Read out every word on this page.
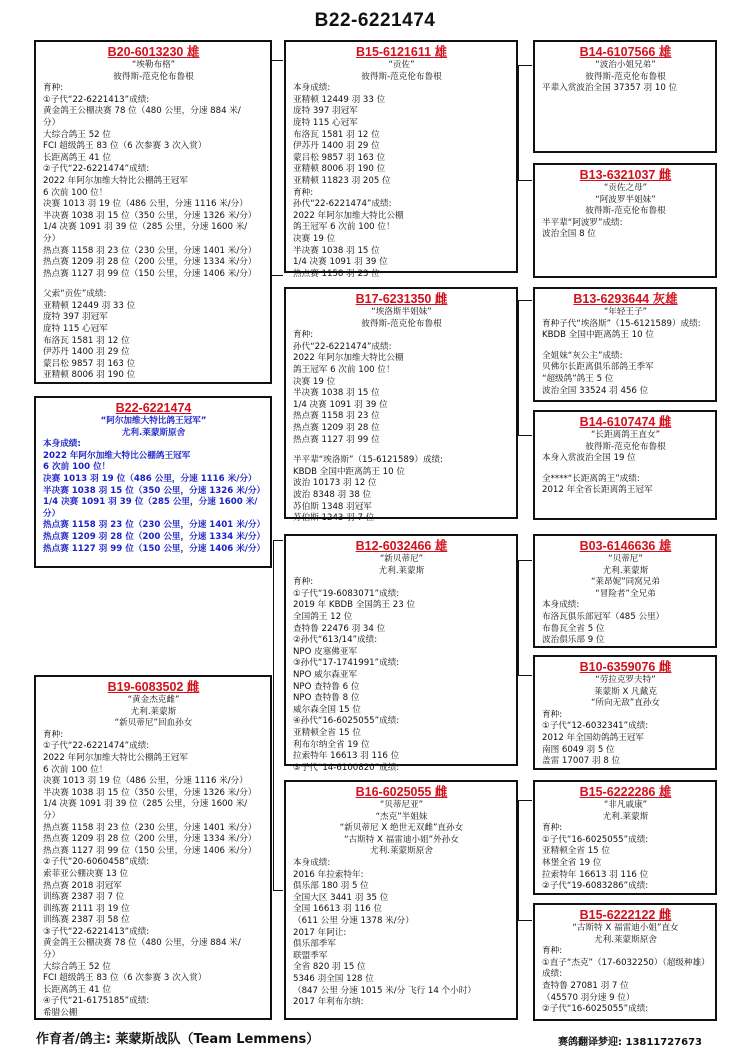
B22-6221474
B20-6013230 雄
“埃勒布格”
彼得斯-范克伦布鲁根
育种:
①子代“22-6221413”成绩:
黄金鸽王公棚决赛 78 位（480 公里，分速 884 米/
分）
大综合鸽王 52 位
FCI 超级鸽王 83 位（6 次参赛 3 次入赏）
长距离鸽王 41 位
②子代“22-6221474”成绩:
2022 年阿尔加维大特比公棚鸽王冠军
6 次前 100 位！
决赛 1013 羽 19 位（486 公里，分速 1116 米/分）
半决赛 1038 羽 15 位（350 公里，分速 1326 米/分）
1/4 决赛 1091 羽 39 位（285 公里，分速 1600 米/
分）
热点赛 1158 羽 23 位（230 公里，分速 1401 米/分）
热点赛 1209 羽 28 位（200 公里，分速 1334 米/分）
热点赛 1127 羽 99 位（150 公里，分速 1406 米/分）
父索“贡佐”成绩:
亚精顿 12449 羽 33 位
庞特 397 羽冠军
庞特 115 心冠军
布洛瓦 1581 羽 12 位
伊苏丹 1400 羽 29 位
蒙吕松 9857 羽 163 位
亚精顿 8006 羽 190 位
B22-6221474
“阿尔加维大特比鸽王冠军”
尤利.莱蒙斯原舍
本身成绩:
2022 年阿尔加维大特比公棚鸽王冠军
6 次前 100 位！
决赛 1013 羽 19 位（486 公里，分速 1116 米/分）
半决赛 1038 羽 15 位（350 公里，分速 1326 米/分）
1/4 决赛 1091 羽 39 位（285 公里，分速 1600 米/
分）
热点赛 1158 羽 23 位（230 公里，分速 1401 米/分）
热点赛 1209 羽 28 位（200 公里，分速 1334 米/分）
热点赛 1127 羽 99 位（150 公里，分速 1406 米/分）
B19-6083502 雌
“黄金杰克雌”
尤利.莱蒙斯
“新贝蒂尼”回血孙女
育种:
①子代“22-6221474”成绩:
2022 年阿尔加维大特比公棚鸽王冠军
6 次前 100 位！
决赛 1013 羽 19 位（486 公里，分速 1116 米/分）
半决赛 1038 羽 15 位（350 公里，分速 1326 米/分）
1/4 决赛 1091 羽 39 位（285 公里，分速 1600 米/
分）
热点赛 1158 羽 23 位（230 公里，分速 1401 米/分）
热点赛 1209 羽 28 位（200 公里，分速 1334 米/分）
热点赛 1127 羽 99 位（150 公里，分速 1406 米/分）
②子代“20-6060458”成绩:
索菲亚公棚决赛 13 位
热点赛 2018 羽冠军
训练赛 2387 羽 7 位
训练赛 2111 羽 19 位
训练赛 2387 羽 58 位
③子代“22-6221413”成绩:
黄金鸽王公棚决赛 78 位（480 公里，分速 884 米/
分）
大综合鸽王 52 位
FCI 超级鸽王 83 位（6 次参赛 3 次入赏）
长距离鸽王 41 位
④子代“21-6175185”成绩:
希腊公棚
B15-6121611 雄
“贡佐”
彼得斯-范克伦布鲁根
本身成绩:
亚精顿 12449 羽 33 位
庞特 397 羽冠军
庞特 115 心冠军
布洛瓦 1581 羽 12 位
伊苏丹 1400 羽 29 位
蒙吕松 9857 羽 163 位
亚精顿 8006 羽 190 位
亚精顿 11823 羽 205 位
育种:
孙代“22-6221474”成绩:
2022 年阿尔加维大特比公棚
鸽王冠军 6 次前 100 位！
决赛 19 位
半决赛 1038 羽 15 位
1/4 决赛 1091 羽 39 位
热点赛 1158 羽 23 位
B17-6231350 雌
“埃洛斯半姐妹”
彼得斯-范克伦布鲁根
育种:
孙代“22-6221474”成绩:
2022 年阿尔加维大特比公棚
鸽王冠军 6 次前 100 位！
决赛 19 位
半决赛 1038 羽 15 位
1/4 决赛 1091 羽 39 位
热点赛 1158 羽 23 位
热点赛 1209 羽 28 位
热点赛 1127 羽 99 位
半平辈“埃洛斯”（15-6121589）成绩:
KBDB 全国中距离鸽王 10 位
波治 10173 羽 12 位
波治 8348 羽 38 位
苏伯斯 1348 羽冠军
苏伯斯 1243 羽 7 位
B12-6032466 雄
“新贝蒂尼”
尤利.莱蒙斯
育种:
①子代“19-6083071”成绩:
2019 年 KBDB 全国鸽王 23 位
全国鸽王 12 位
查特鲁 22476 羽 34 位
②孙代“613/14”成绩:
NPO 皮塞佛亚军
③孙代“17-1741991”成绩:
NPO 威尔森亚军
NPO 查特鲁 6 位
NPO 查特鲁 8 位
威尔森全国 15 位
④孙代“16-6025055”成绩:
亚精顿全省 15 位
利布尔纳全省 19 位
拉索特年 16613 羽 116 位
⑤子代“14-6100820”成绩:
B16-6025055 雌
“贝蒂尼亚”
“杰克”半姐妹
“新贝蒂尼 X 绝世无双雌”直孙女
“古斯特 X 福雷迪小姐”外孙女
尤利.莱蒙斯原舍
本身成绩:
2016 年拉索特年:
俱乐部 180 羽 5 位
全国大区 3441 羽 35 位
全国 16613 羽 116 位
（611 公里 分速 1378 米/分）
2017 年阿让:
俱乐部季军
联盟季军
全省 820 羽 15 位
5346 羽全国 128 位
（847 公里 分速 1015 米/分 飞行 14 个小时）
2017 年利布尔纳:
B14-6107566 雄
“波治小姐兄弟”
彼得斯-范克伦布鲁根
平辈入赏波治全国 37357 羽 10 位
B13-6321037 雌
“贡佐之母”
“阿波罗半姐妹”
彼得斯-范克伦布鲁根
半平辈“阿波罗”成绩:
波治全国 8 位
B13-6293644 灰雄
“年轻王子”
育种子代“埃洛斯”（15-6121589）成绩:
KBDB 全国中距离鸽王 10 位
全姐妹“灰公主”成绩:
贝佛尔长距离俱乐部鸽王季军
“超级鸽”鸽王 5 位
波治全国 33524 羽 456 位
B14-6107474 雌
“长距离鸽王直女”
彼得斯-范克伦布鲁根
本身入赏波治全国 19 位
全****“长距离鸽王”成绩:
2012 年全省长距离鸽王冠军
B03-6146636 雄
“贝蒂尼”
尤利.莱蒙斯
“莱昂妮”同窝兄弟
“冒险者”全兄弟
本身成绩:
布洛瓦俱乐部冠军（485 公里）
布鲁瓦全省 5 位
波治俱乐部 9 位
B10-6359076 雌
“劳拉克罗夫特”
莱蒙斯 X 凡戴克
“所向无敌”直孙女
育种:
①子代“12-6032341”成绩:
2012 年全国幼鸽鸽王冠军
南图 6049 羽 5 位
盖雷 17007 羽 8 位
B15-6222286 雄
“非凡戚康”
尤利.莱蒙斯
育种:
①子代“16-6025055”成绩:
亚精顿全省 15 位
林堡全省 19 位
拉索特年 16613 羽 116 位
②子代“19-6083286”成绩:
B15-6222122 雌
“古斯特 X 福雷迪小姐”直女
尤利.莱蒙斯原舍
育种:
①直子“杰克”（17-6032250）（超级种雄）
成绩:
查特鲁 27081 羽 7 位
（45570 羽分速 9 位）
②子代“16-6025055”成绩:
作育者/鸽主: 莱蒙斯战队（Team Lemmens）	赛鸽翻译梦迎: 13811727673
